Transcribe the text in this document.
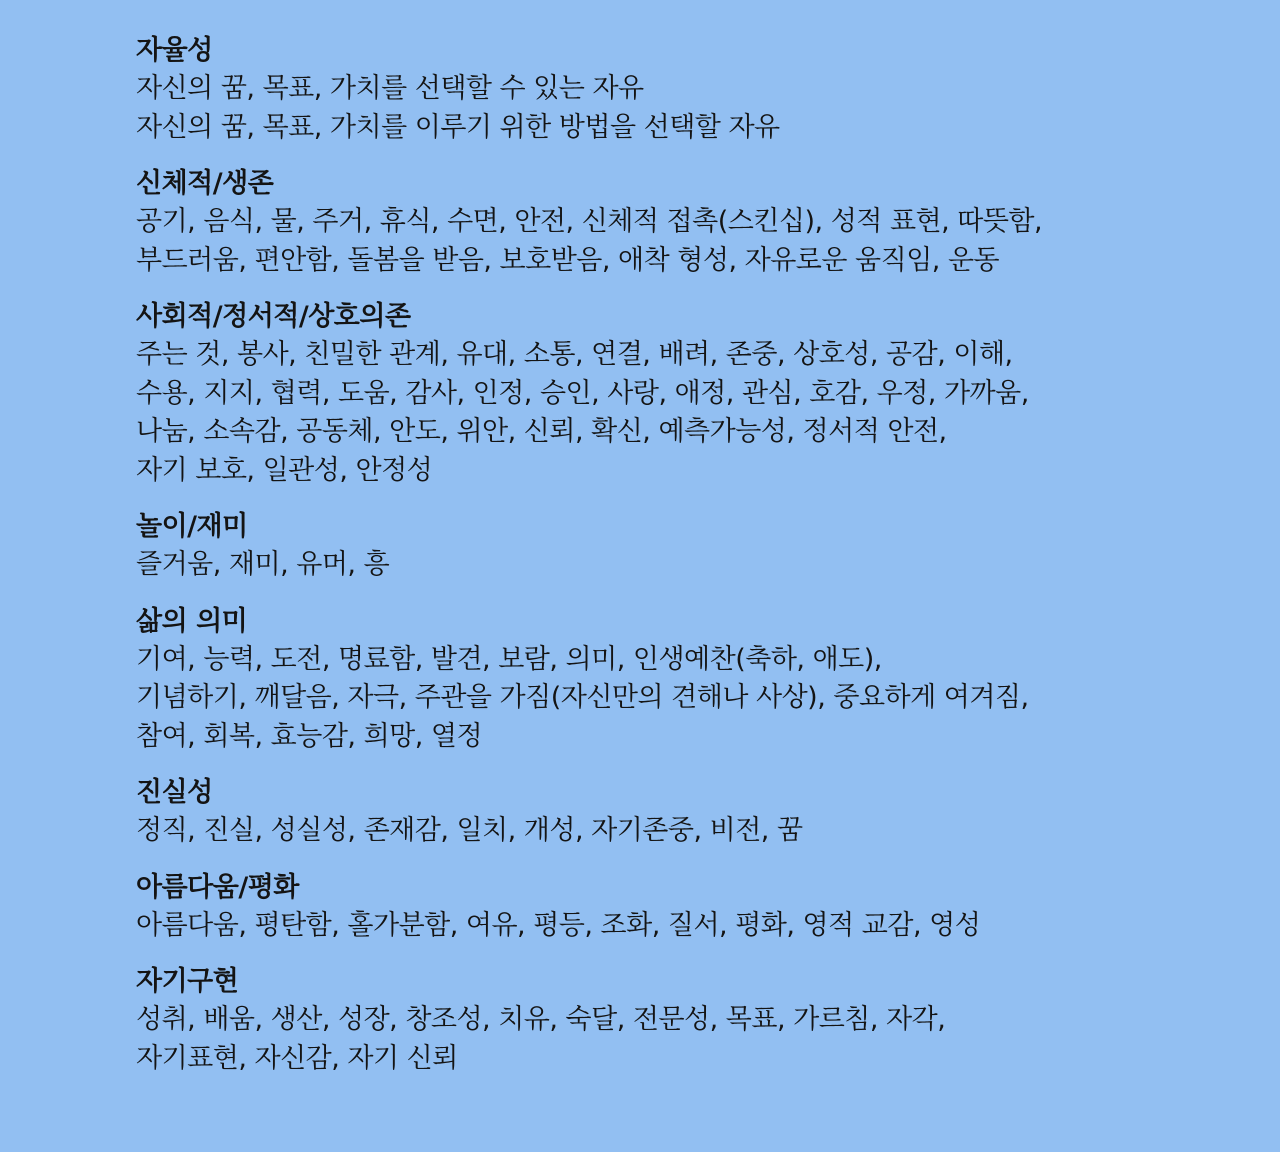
자율성
자신의 꿈, 목표, 가치를 선택할 수 있는 자유
자신의 꿈, 목표, 가치를 이루기 위한 방법을 선택할 자유
신체적/생존
공기, 음식, 물, 주거, 휴식, 수면, 안전, 신체적 접촉(스킨십), 성적 표현, 따뜻함,
부드러움, 편안함, 돌봄을 받음, 보호받음, 애착 형성, 자유로운 움직임, 운동
사회적/정서적/상호의존
주는 것, 봉사, 친밀한 관계, 유대, 소통, 연결, 배려, 존중, 상호성, 공감, 이해,
수용, 지지, 협력, 도움, 감사, 인정, 승인, 사랑, 애정, 관심, 호감, 우정, 가까움,
나눔, 소속감, 공동체, 안도, 위안, 신뢰, 확신, 예측가능성, 정서적 안전,
자기 보호, 일관성, 안정성
놀이/재미
즐거움, 재미, 유머, 흥
삶의 의미
기여, 능력, 도전, 명료함, 발견, 보람, 의미, 인생예찬(축하, 애도),
기념하기, 깨달음, 자극, 주관을 가짐(자신만의 견해나 사상), 중요하게 여겨짐,
참여, 회복, 효능감, 희망, 열정
진실성
정직, 진실, 성실성, 존재감, 일치, 개성, 자기존중, 비전, 꿈
아름다움/평화
아름다움, 평탄함, 홀가분함, 여유, 평등, 조화, 질서, 평화, 영적 교감, 영성
자기구현
성취, 배움, 생산, 성장, 창조성, 치유, 숙달, 전문성, 목표, 가르침, 자각,
자기표현, 자신감, 자기 신뢰
